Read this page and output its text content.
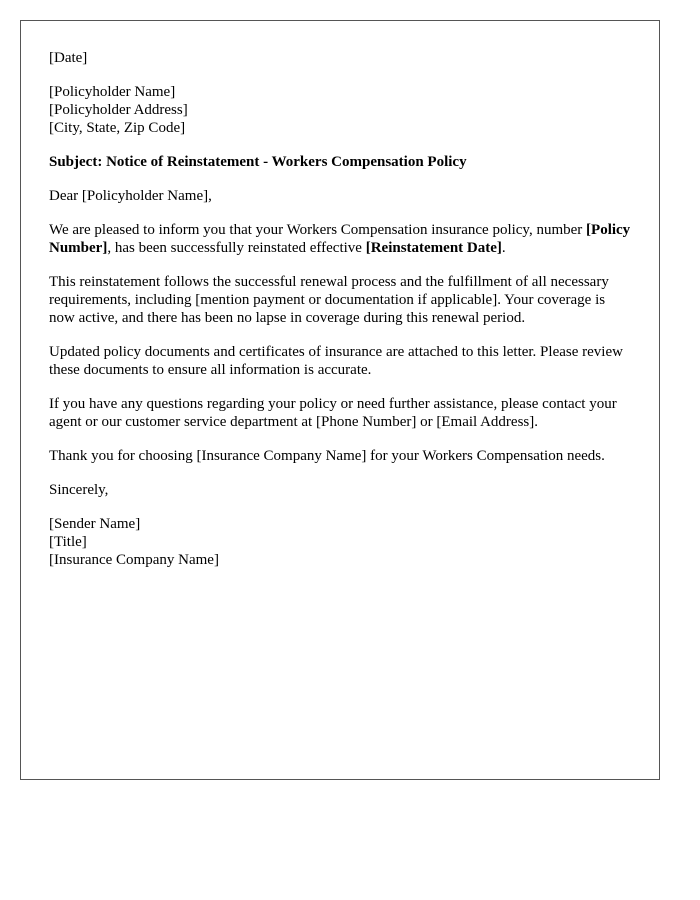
[Date]
[Policyholder Name]
[Policyholder Address]
[City, State, Zip Code]
Subject: Notice of Reinstatement - Workers Compensation Policy
Dear [Policyholder Name],
We are pleased to inform you that your Workers Compensation insurance policy, number [Policy Number], has been successfully reinstated effective [Reinstatement Date].
This reinstatement follows the successful renewal process and the fulfillment of all necessary requirements, including [mention payment or documentation if applicable]. Your coverage is now active, and there has been no lapse in coverage during this renewal period.
Updated policy documents and certificates of insurance are attached to this letter. Please review these documents to ensure all information is accurate.
If you have any questions regarding your policy or need further assistance, please contact your agent or our customer service department at [Phone Number] or [Email Address].
Thank you for choosing [Insurance Company Name] for your Workers Compensation needs.
Sincerely,
[Sender Name]
[Title]
[Insurance Company Name]
